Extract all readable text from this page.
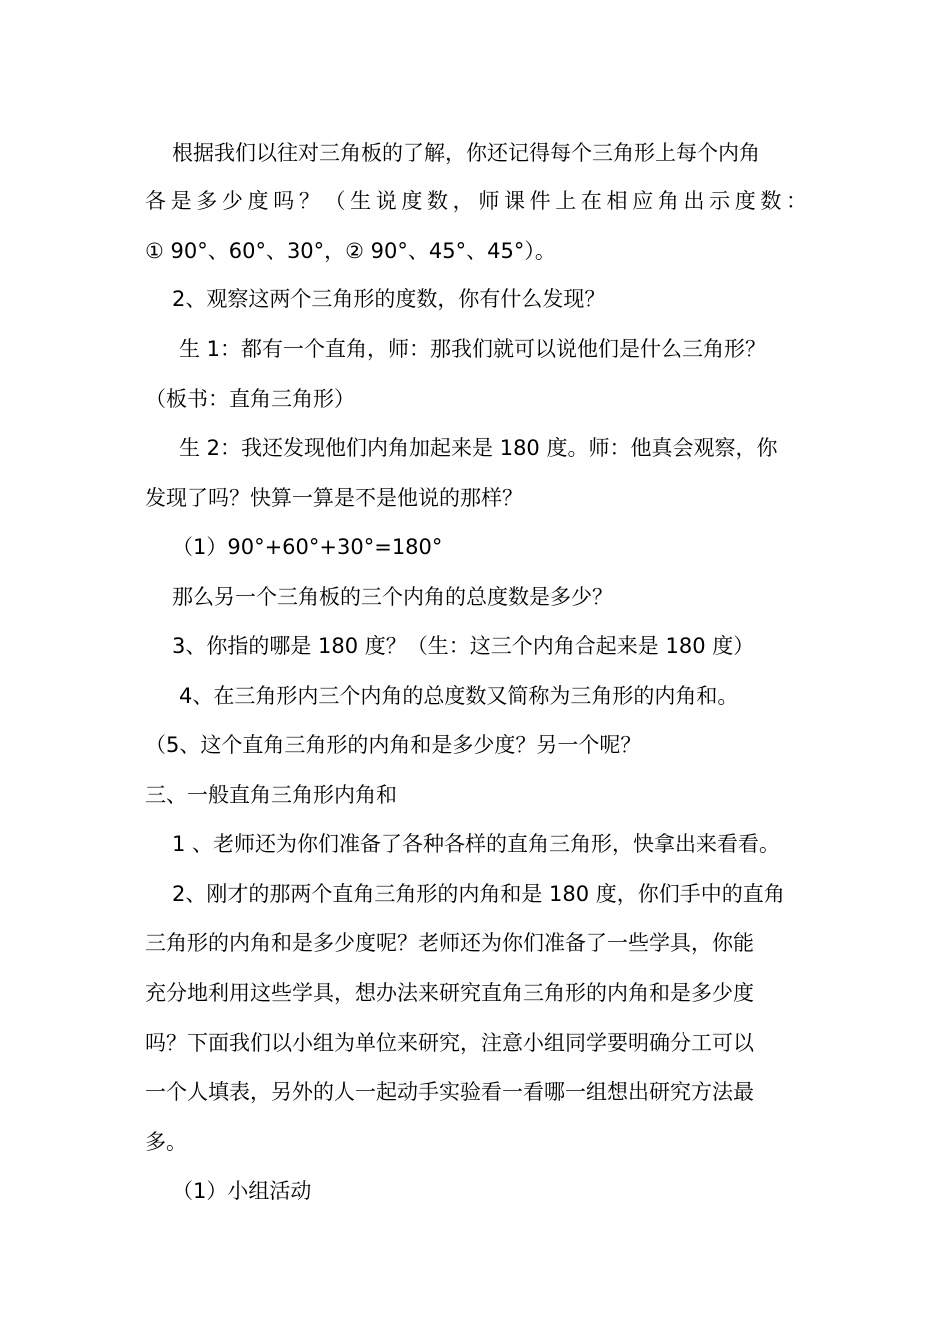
根据我们以往对三角板的了解，你还记得每个三角形上每个内角
各是多少度吗？（生说度数，师课件上在相应角出示度数：
① 90°、60°、30°，② 90°、45°、45°）。
2、观察这两个三角形的度数，你有什么发现？
生 1：都有一个直角，师：那我们就可以说他们是什么三角形？
（板书：直角三角形）
生 2：我还发现他们内角加起来是 180 度。师：他真会观察，你
发现了吗？快算一算是不是他说的那样？
（1）90°+60°+30°=180°
那么另一个三角板的三个内角的总度数是多少？
3、你指的哪是 180 度？（生：这三个内角合起来是 180 度）
4、在三角形内三个内角的总度数又简称为三角形的内角和。
（5、这个直角三角形的内角和是多少度？另一个呢？
三、一般直角三角形内角和
1 、老师还为你们准备了各种各样的直角三角形，快拿出来看看。
2、刚才的那两个直角三角形的内角和是 180 度，你们手中的直角
三角形的内角和是多少度呢？老师还为你们准备了一些学具，你能
充分地利用这些学具，想办法来研究直角三角形的内角和是多少度
吗？下面我们以小组为单位来研究，注意小组同学要明确分工可以
一个人填表，另外的人一起动手实验看一看哪一组想出研究方法最
多。
（1）小组活动
